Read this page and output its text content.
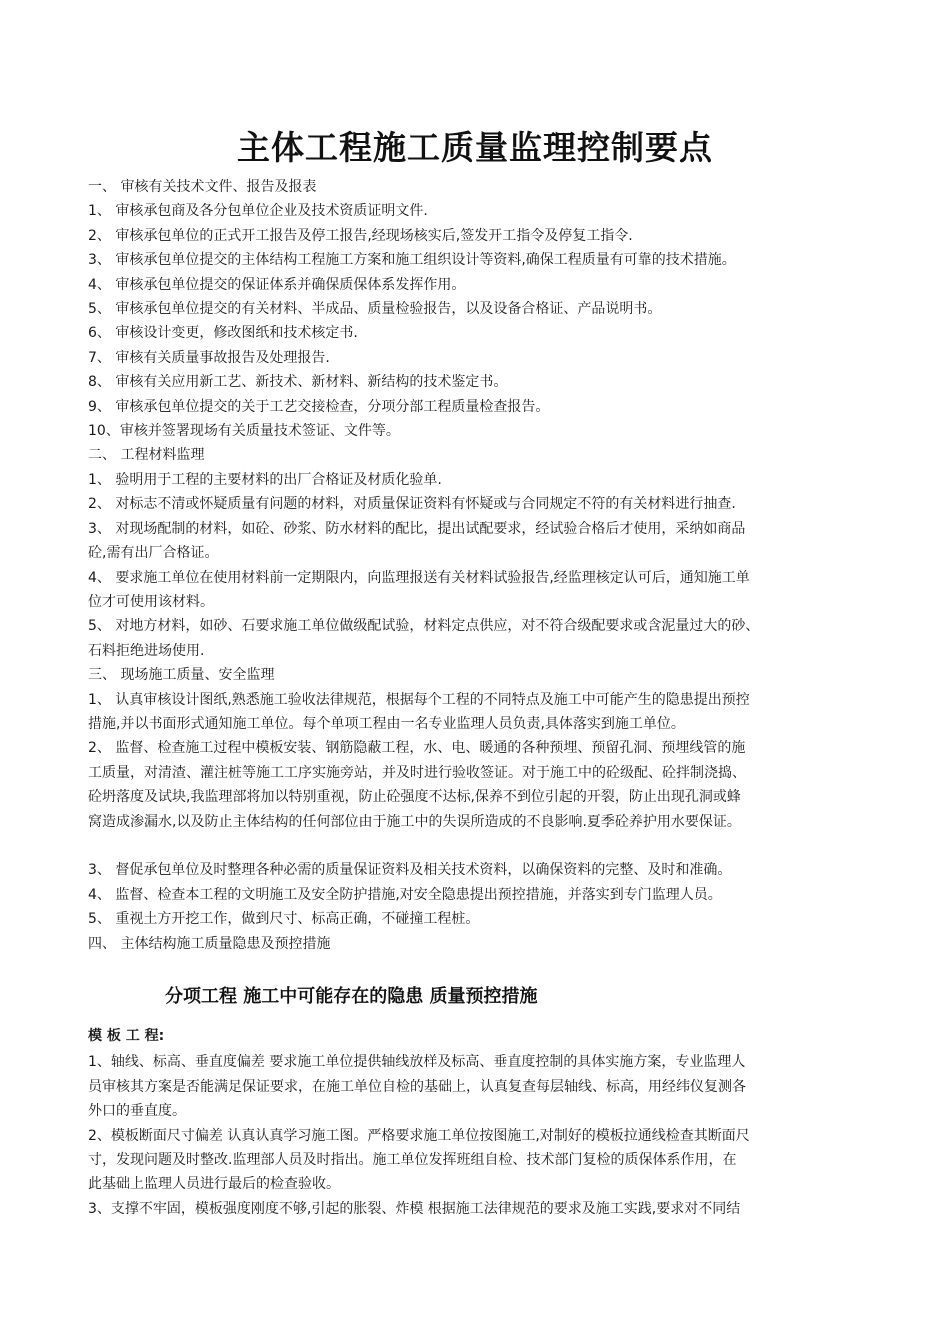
主体工程施工质量监理控制要点

一、 审核有关技术文件、报告及报表

1、 审核承包商及各分包单位企业及技术资质证明文件.

2、 审核承包单位的正式开工报告及停工报告,经现场核实后,签发开工指令及停复工指令.

3、 审核承包单位提交的主体结构工程施工方案和施工组织设计等资料,确保工程质量有可靠的技术措施。

4、 审核承包单位提交的保证体系并确保质保体系发挥作用。

5、 审核承包单位提交的有关材料、半成品、质量检验报告，以及设备合格证、产品说明书。

6、 审核设计变更，修改图纸和技术核定书.

7、 审核有关质量事故报告及处理报告.

8、 审核有关应用新工艺、新技术、新材料、新结构的技术鉴定书。

9、 审核承包单位提交的关于工艺交接检查，分项分部工程质量检查报告。

10、审核并签署现场有关质量技术签证、文件等。

二、 工程材料监理

1、 验明用于工程的主要材料的出厂合格证及材质化验单.

2、 对标志不清或怀疑质量有问题的材料，对质量保证资料有怀疑或与合同规定不符的有关材料进行抽查.

3、 对现场配制的材料，如砼、砂浆、防水材料的配比，提出试配要求，经试验合格后才使用，采纳如商品

砼,需有出厂合格证。

4、 要求施工单位在使用材料前一定期限内，向监理报送有关材料试验报告,经监理核定认可后，通知施工单

位才可使用该材料。

5、 对地方材料，如砂、石要求施工单位做级配试验，材料定点供应，对不符合级配要求或含泥量过大的砂、

石料拒绝进场使用.

三、 现场施工质量、安全监理

1、 认真审核设计图纸,熟悉施工验收法律规范，根据每个工程的不同特点及施工中可能产生的隐患提出预控

措施,并以书面形式通知施工单位。每个单项工程由一名专业监理人员负责,具体落实到施工单位。

2、 监督、检查施工过程中模板安装、钢筋隐蔽工程，水、电、暖通的各种预埋、预留孔洞、预埋线管的施

工质量，对清渣、灌注桩等施工工序实施旁站，并及时进行验收签证。对于施工中的砼级配、砼拌制浇捣、

砼坍落度及试块,我监理部将加以特别重视，防止砼强度不达标,保养不到位引起的开裂，防止出现孔洞或蜂

窝造成渗漏水,以及防止主体结构的任何部位由于施工中的失误所造成的不良影响.夏季砼养护用水要保证。

3、 督促承包单位及时整理各种必需的质量保证资料及相关技术资料，以确保资料的完整、及时和准确。

4、 监督、检查本工程的文明施工及安全防护措施,对安全隐患提出预控措施，并落实到专门监理人员。

5、 重视土方开挖工作，做到尺寸、标高正确，不碰撞工程桩。

四、 主体结构施工质量隐患及预控措施

分项工程 施工中可能存在的隐患 质量预控措施

模 板 工 程:

1、轴线、标高、垂直度偏差 要求施工单位提供轴线放样及标高、垂直度控制的具体实施方案，专业监理人

员审核其方案是否能满足保证要求，在施工单位自检的基础上，认真复查每层轴线、标高，用经纬仪复测各

外口的垂直度。

2、模板断面尺寸偏差 认真认真学习施工图。严格要求施工单位按图施工,对制好的模板拉通线检查其断面尺

寸，发现问题及时整改.监理部人员及时指出。施工单位发挥班组自检、技术部门复检的质保体系作用，在

此基础上监理人员进行最后的检查验收。

3、支撑不牢固，模板强度刚度不够,引起的胀裂、炸模 根据施工法律规范的要求及施工实践,要求对不同结
